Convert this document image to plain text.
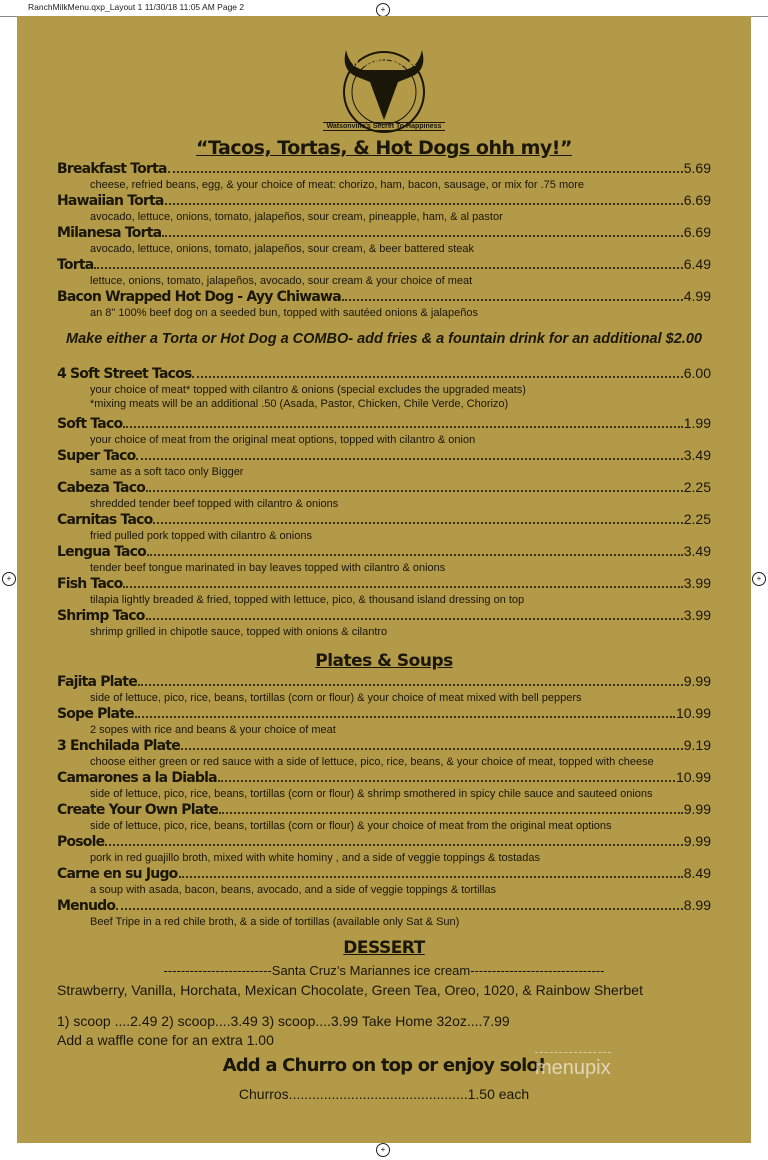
RanchMilkMenu.qxp_Layout 1 11/30/18 11:05 AM Page 2	+
+	+
+
RANCH MILK
Watsonville's Secret To Happiness
“Tacos, Tortas, & Hot Dogs ohh my!”
Breakfast Torta	5.69
cheese, refried beans, egg, & your choice of meat: chorizo, ham, bacon, sausage, or mix for .75 more
Hawaiian Torta	6.69
avocado, lettuce, onions, tomato, jalapeños, sour cream, pineapple, ham, & al pastor
Milanesa Torta	6.69
avocado, lettuce, onions, tomato, jalapeños, sour cream, & beer battered steak
Torta	6.49
lettuce, onions, tomato, jalapeños, avocado, sour cream & your choice of meat
Bacon Wrapped Hot Dog - Ayy Chiwawa	4.99
an 8" 100% beef dog on a seeded bun, topped with sautéed onions & jalapeños
Make either a Torta or Hot Dog a COMBO- add fries & a fountain drink for an additional $2.00
4 Soft Street Tacos	6.00
your choice of meat* topped with cilantro & onions (special excludes the upgraded meats)
*mixing meats will be an additional .50 (Asada, Pastor, Chicken, Chile Verde, Chorizo)
Soft Taco	1.99
your choice of meat from the original meat options, topped with cilantro & onion
Super Taco	3.49
same as a soft taco only Bigger
Cabeza Taco	2.25
shredded tender beef topped with cilantro & onions
Carnitas Taco	2.25
fried pulled pork topped with cilantro & onions
Lengua Taco	3.49
tender beef tongue marinated in bay leaves topped with cilantro & onions
Fish Taco	3.99
tilapia lightly breaded & fried, topped with lettuce, pico, & thousand island dressing on top
Shrimp Taco	3.99
shrimp grilled in chipotle sauce, topped with onions & cilantro
Plates & Soups
Fajita Plate	9.99
side of lettuce, pico, rice, beans, tortillas (corn or flour) & your choice of meat mixed with bell peppers
Sope Plate	10.99
2 sopes with rice and beans & your choice of meat
3 Enchilada Plate	9.19
choose either green or red sauce with a side of lettuce, pico, rice, beans, & your choice of meat, topped with cheese
Camarones a la Diabla	10.99
side of lettuce, pico, rice, beans, tortillas (corn or flour) & shrimp smothered in spicy chile sauce and sauteed onions
Create Your Own Plate	9.99
side of lettuce, pico, rice, beans, tortillas (corn or flour) & your choice of meat from the original meat options
Posole	9.99
pork in red guajillo broth, mixed with white hominy , and a side of veggie toppings & tostadas
Carne en su Jugo	8.49
a soup with asada, bacon, beans, avocado, and a side of veggie toppings & tortillas
Menudo	8.99
Beef Tripe in a red chile broth, & a side of tortillas (available only Sat & Sun)
DESSERT
-------------------------Santa Cruz’s Mariannes ice cream-------------------------------
Strawberry, Vanilla, Horchata, Mexican Chocolate, Green Tea, Oreo, 1020, & Rainbow Sherbet
1) scoop ....2.49 2) scoop....3.49 3) scoop....3.99 Take Home 32oz....7.99
Add a waffle cone for an extra 1.00
Add a Churro on top or enjoy solo!
Churros..............................................1.50 each
menupix
